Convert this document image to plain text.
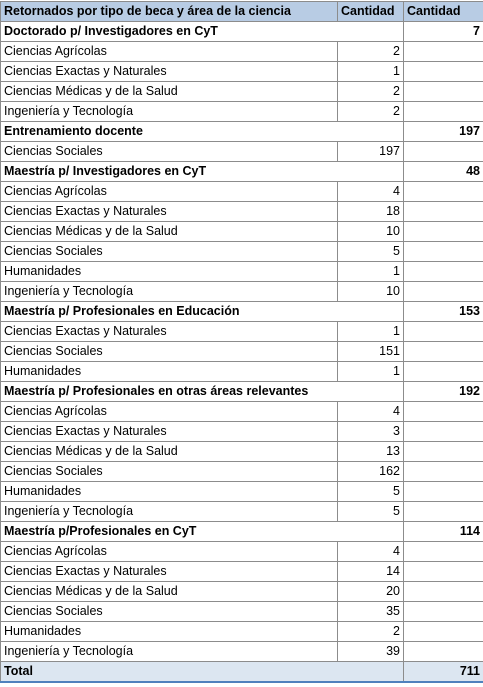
Retornados por tipo de beca y área de la ciencia	Cantidad	Cantidad
Doctorado p/ Investigadores en CyT		7
Ciencias Agrícolas	2	
Ciencias Exactas y Naturales	1	
Ciencias Médicas y de la Salud	2	
Ingeniería y Tecnología	2	
Entrenamiento docente		197
Ciencias Sociales	197	
Maestría p/ Investigadores en CyT		48
Ciencias Agrícolas	4	
Ciencias Exactas y Naturales	18	
Ciencias Médicas y de la Salud	10	
Ciencias Sociales	5	
Humanidades	1	
Ingeniería y Tecnología	10	
Maestría p/ Profesionales en Educación		153
Ciencias Exactas y Naturales	1	
Ciencias Sociales	151	
Humanidades	1	
Maestría p/ Profesionales en otras áreas relevantes		192
Ciencias Agrícolas	4	
Ciencias Exactas y Naturales	3	
Ciencias Médicas y de la Salud	13	
Ciencias Sociales	162	
Humanidades	5	
Ingeniería y Tecnología	5	
Maestría p/Profesionales en CyT		114
Ciencias Agrícolas	4	
Ciencias Exactas y Naturales	14	
Ciencias Médicas y de la Salud	20	
Ciencias Sociales	35	
Humanidades	2	
Ingeniería y Tecnología	39	
Total		711
